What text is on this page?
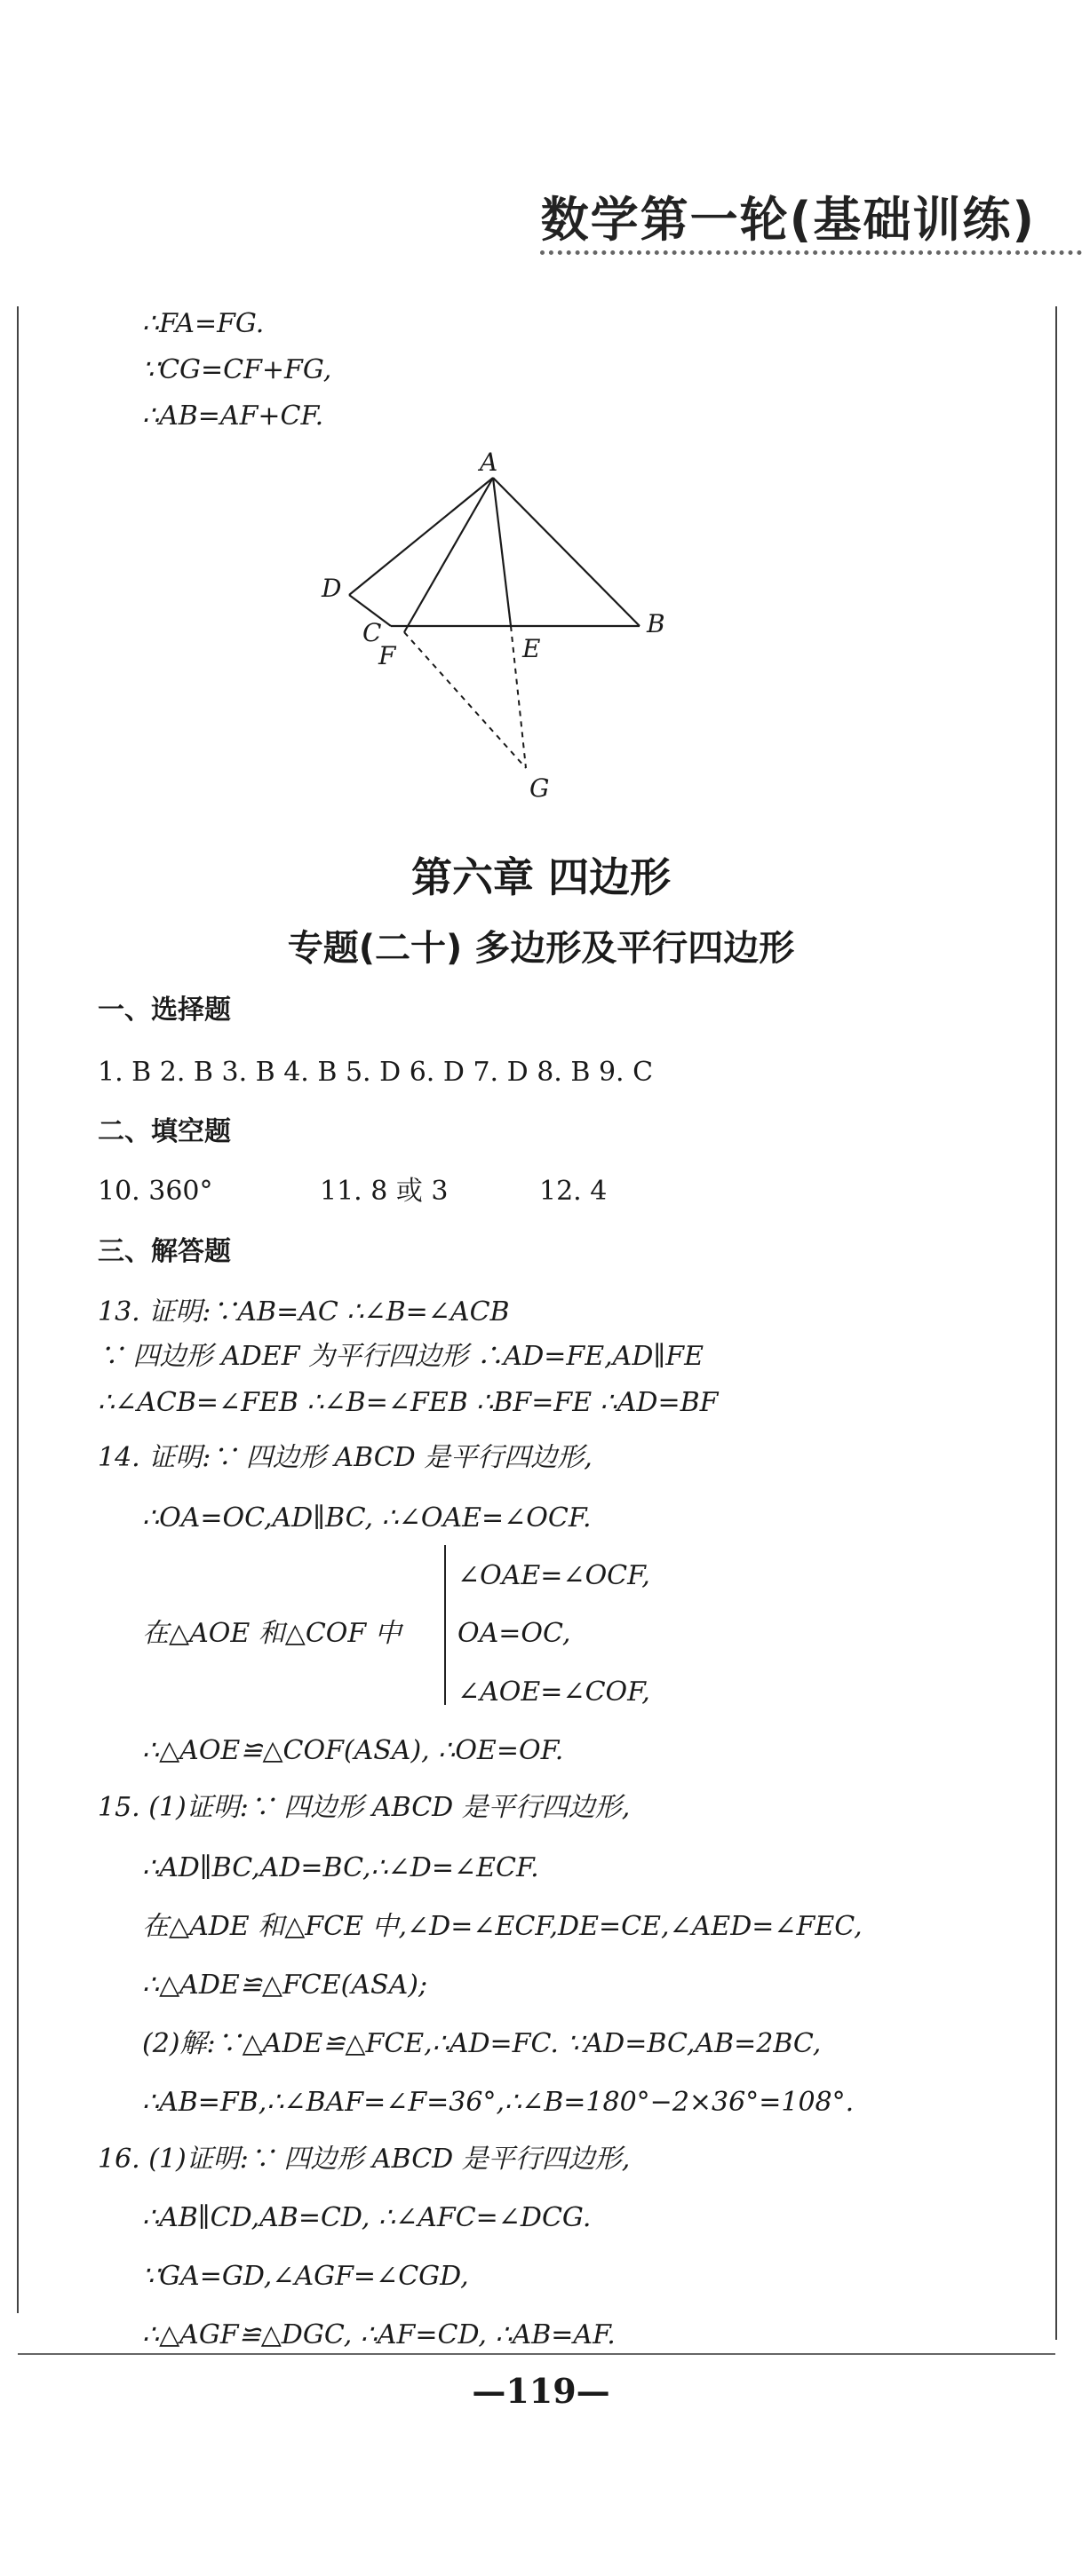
数学第一轮(基础训练)
∴FA=FG.
∵CG=CF+FG,
∴AB=AF+CF.
A
B
C
D
E
F
G
第六章 四边形
专题(二十) 多边形及平行四边形
一、选择题
1. B 2. B 3. B 4. B 5. D 6. D 7. D 8. B 9. C
二、填空题
10. 360°	11. 8 或 3	12. 4
三、解答题
13. 证明:∵AB=AC ∴∠B=∠ACB
∵ 四边形 ADEF 为平行四边形 ∴AD=FE,AD∥FE
∴∠ACB=∠FEB ∴∠B=∠FEB ∴BF=FE ∴AD=BF
14. 证明:∵ 四边形 ABCD 是平行四边形,
∴OA=OC,AD∥BC, ∴∠OAE=∠OCF.
在△AOE 和△COF 中
∠OAE=∠OCF,
OA=OC,
∠AOE=∠COF,
∴△AOE≌△COF(ASA), ∴OE=OF.
15. (1)证明:∵ 四边形 ABCD 是平行四边形,
∴AD∥BC,AD=BC,∴∠D=∠ECF.
在△ADE 和△FCE 中,∠D=∠ECF,DE=CE,∠AED=∠FEC,
∴△ADE≌△FCE(ASA);
(2)解:∵△ADE≌△FCE,∴AD=FC. ∵AD=BC,AB=2BC,
∴AB=FB,∴∠BAF=∠F=36°,∴∠B=180°−2×36°=108°.
16. (1)证明:∵ 四边形 ABCD 是平行四边形,
∴AB∥CD,AB=CD, ∴∠AFC=∠DCG.
∵GA=GD,∠AGF=∠CGD,
∴△AGF≌△DGC, ∴AF=CD, ∴AB=AF.
—119—
